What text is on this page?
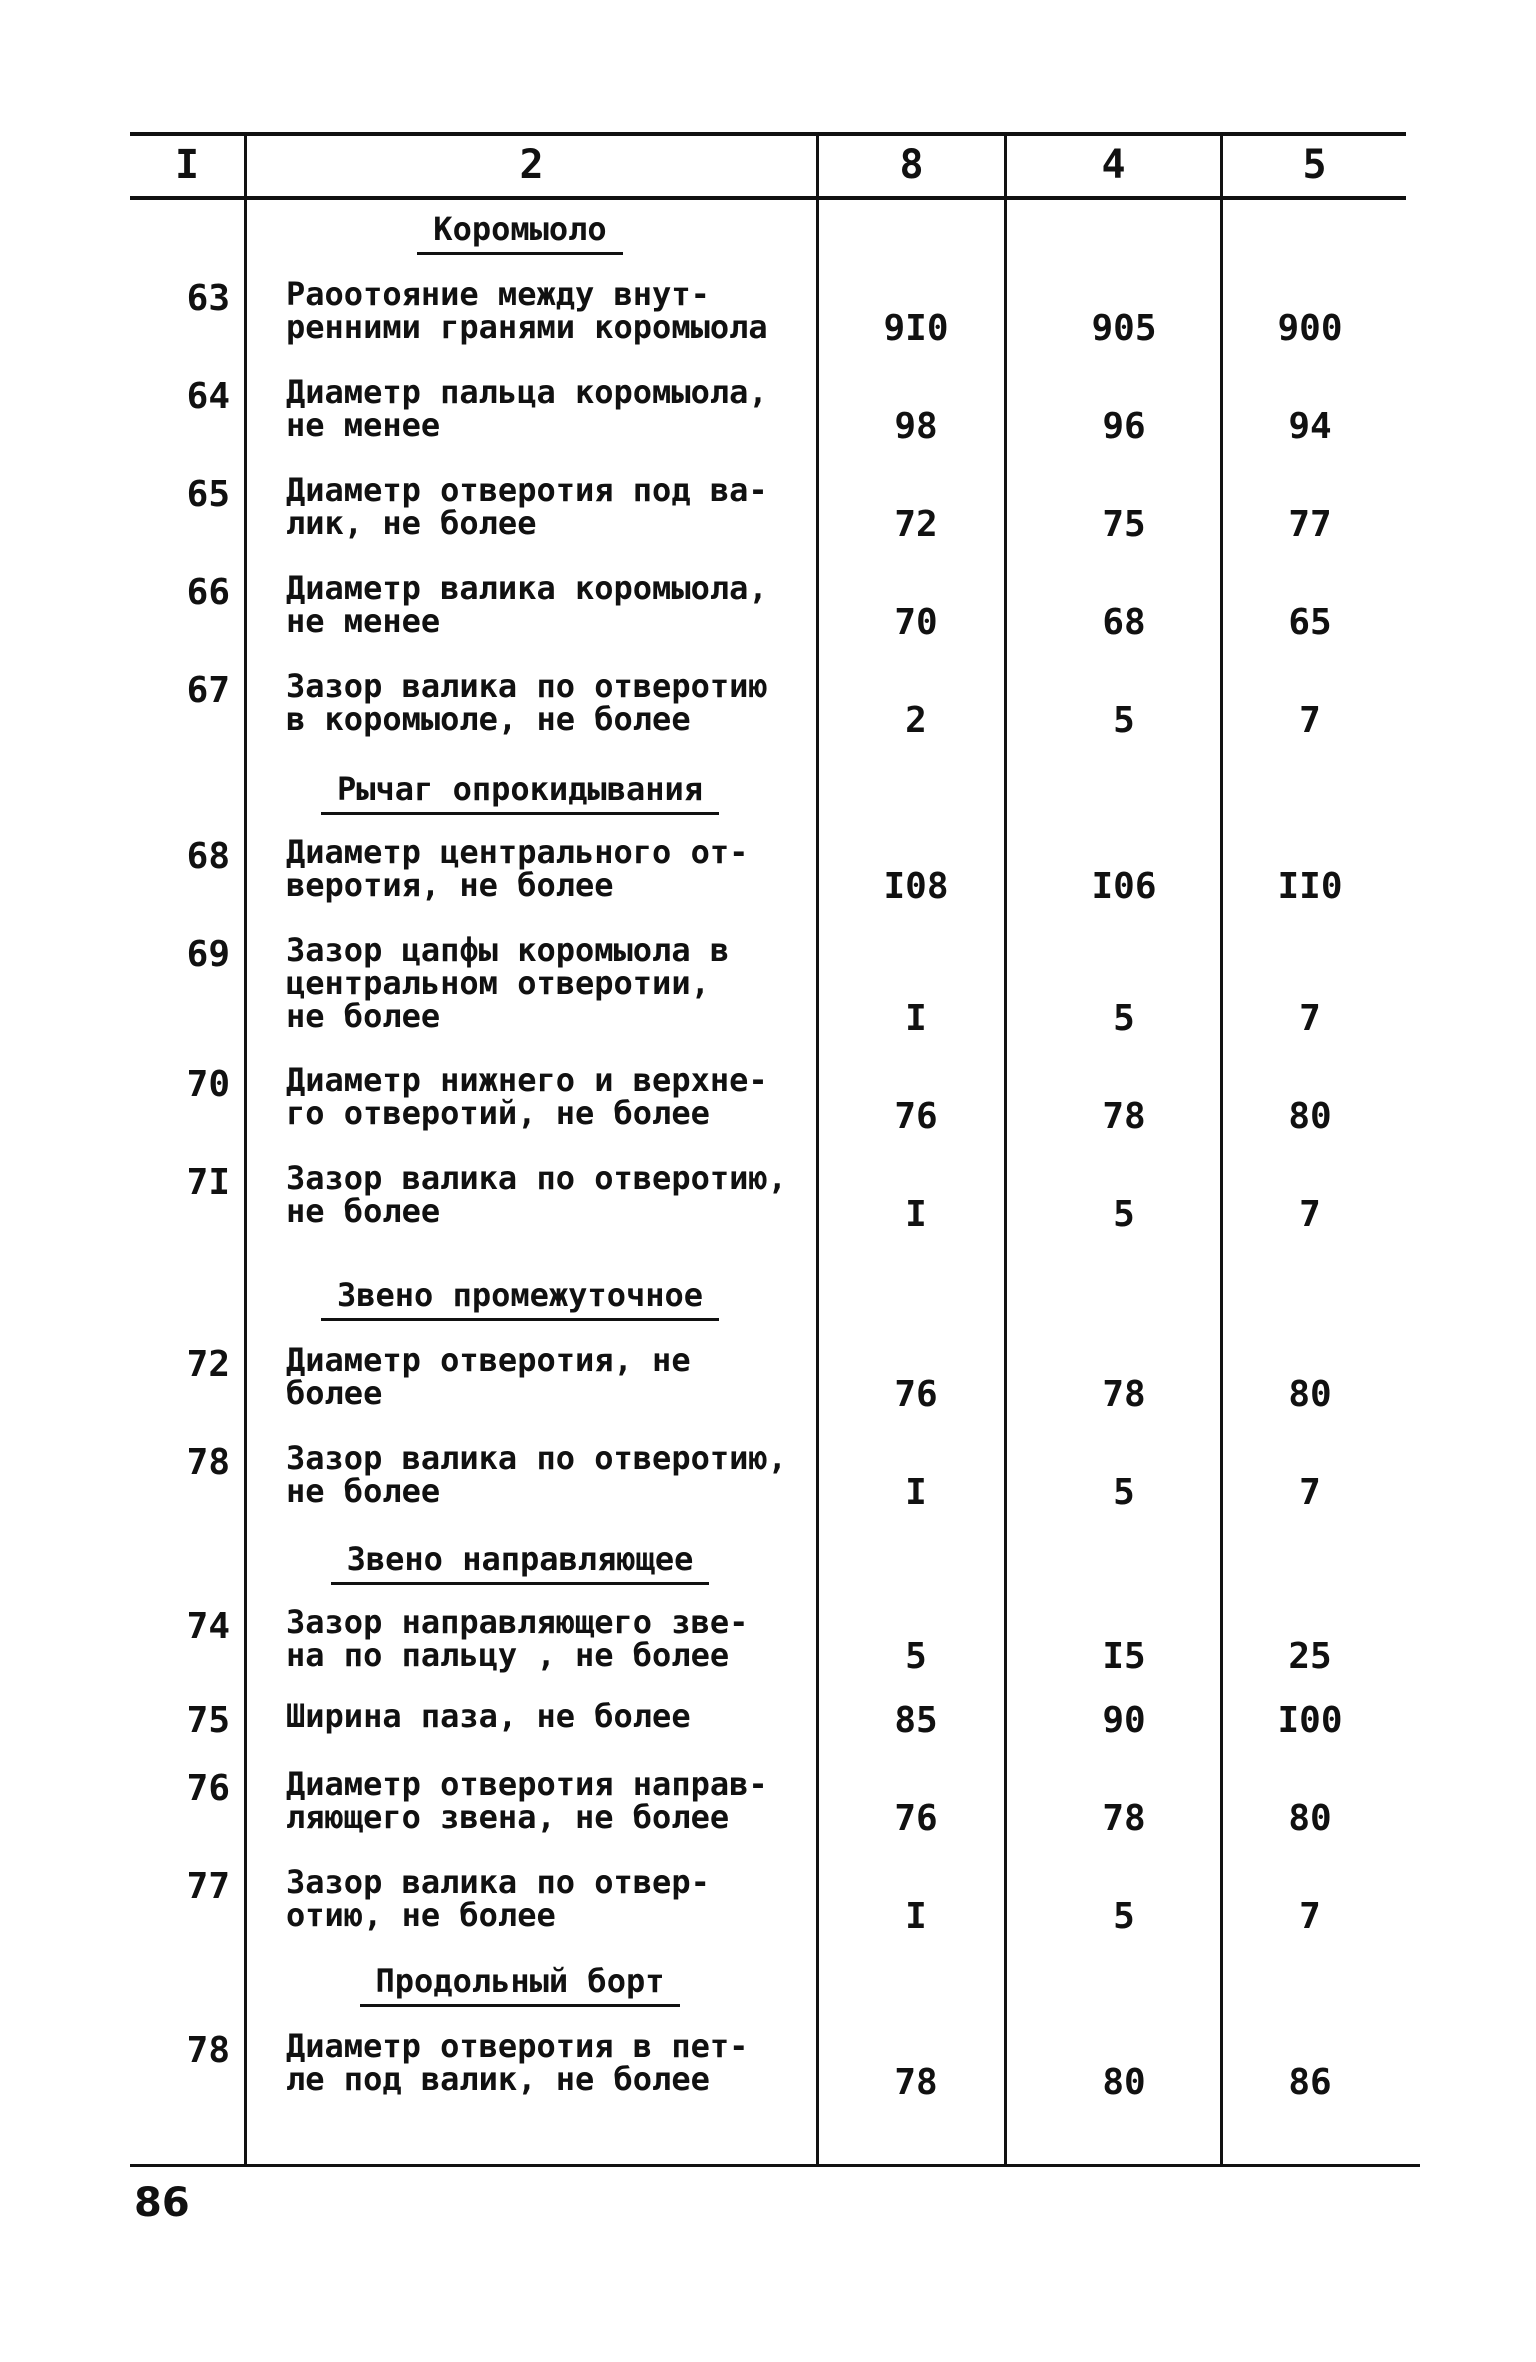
I	2	8	4	5
Коромыоло
63 Раоотояние между внут-
ренними гранями коромыола	9I0	905	900
64 Диаметр пальца коромыола,
не менее	98	96	94
65 Диаметр отверотия под ва-
лик, не более	72	75	77
66 Диаметр валика коромыола,
не менее	70	68	65
67 Зазор валика по отверотию
в коромыоле, не более	2	5	7
Рычаг опрокидывания
68 Диаметр центрального от-
веротия, не более	I08	I06	II0
69 Зазор цапфы коромыола в
центральном отверотии,
не более	I	5	7
70 Диаметр нижнего и верхне-
го отверотий, не более	76	78	80
7I Зазор валика по отверотию,
не более	I	5	7
Звено промежуточное
72 Диаметр отверотия, не
более	76	78	80
78 Зазор валика по отверотию,
не более	I	5	7
Звено направляющее
74 Зазор направляющего зве-
на по пальцу , не более	5	I5	25
75 Ширина паза, не более	85	90	I00
76 Диаметр отверотия направ-
ляющего звена, не более	76	78	80
77 Зазор валика по отвер-
отию, не более	I	5	7
Продольный борт
78 Диаметр отверотия в пет-
ле под валик, не более	78	80	86
86
